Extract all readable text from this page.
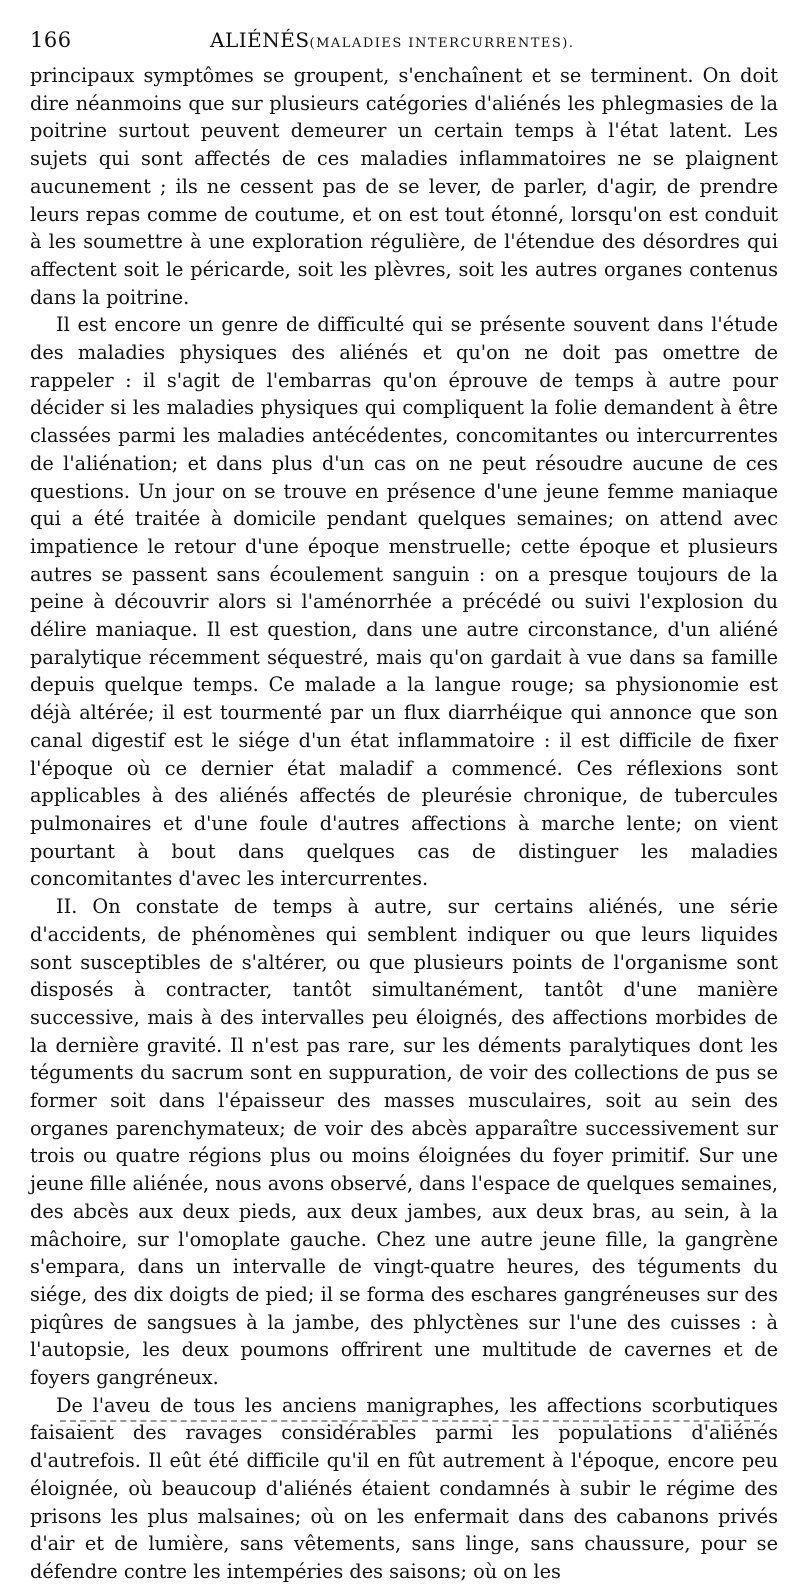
166	ALIÉNÉS (MALADIES INTERCURRENTES).

principaux symptômes se groupent, s'enchaînent et se terminent. On doit dire néanmoins que sur plusieurs catégories d'aliénés les phlegmasies de la poitrine surtout peuvent demeurer un certain temps à l'état latent. Les sujets qui sont affectés de ces maladies inflammatoires ne se plaignent aucunement ; ils ne cessent pas de se lever, de parler, d'agir, de prendre leurs repas comme de coutume, et on est tout étonné, lorsqu'on est conduit à les soumettre à une exploration régulière, de l'étendue des désordres qui affectent soit le péricarde, soit les plèvres, soit les autres organes contenus dans la poitrine.

Il est encore un genre de difficulté qui se présente souvent dans l'étude des maladies physiques des aliénés et qu'on ne doit pas omettre de rappeler : il s'agit de l'embarras qu'on éprouve de temps à autre pour décider si les maladies physiques qui compliquent la folie demandent à être classées parmi les maladies antécédentes, concomitantes ou intercurrentes de l'aliénation; et dans plus d'un cas on ne peut résoudre aucune de ces questions. Un jour on se trouve en présence d'une jeune femme maniaque qui a été traitée à domicile pendant quelques semaines; on attend avec impatience le retour d'une époque menstruelle; cette époque et plusieurs autres se passent sans écoulement sanguin : on a presque toujours de la peine à découvrir alors si l'aménorrhée a précédé ou suivi l'explosion du délire maniaque. Il est question, dans une autre circonstance, d'un aliéné paralytique récemment séquestré, mais qu'on gardait à vue dans sa famille depuis quelque temps. Ce malade a la langue rouge; sa physionomie est déjà altérée; il est tourmenté par un flux diarrhéique qui annonce que son canal digestif est le siége d'un état inflammatoire : il est difficile de fixer l'époque où ce dernier état maladif a commencé. Ces réflexions sont applicables à des aliénés affectés de pleurésie chronique, de tubercules pulmonaires et d'une foule d'autres affections à marche lente; on vient pourtant à bout dans quelques cas de distinguer les maladies concomitantes d'avec les intercurrentes.

II. On constate de temps à autre, sur certains aliénés, une série d'accidents, de phénomènes qui semblent indiquer ou que leurs liquides sont susceptibles de s'altérer, ou que plusieurs points de l'organisme sont disposés à contracter, tantôt simultanément, tantôt d'une manière successive, mais à des intervalles peu éloignés, des affections morbides de la dernière gravité. Il n'est pas rare, sur les déments paralytiques dont les téguments du sacrum sont en suppuration, de voir des collections de pus se former soit dans l'épaisseur des masses musculaires, soit au sein des organes parenchymateux; de voir des abcès apparaître successivement sur trois ou quatre régions plus ou moins éloignées du foyer primitif. Sur une jeune fille aliénée, nous avons observé, dans l'espace de quelques semaines, des abcès aux deux pieds, aux deux jambes, aux deux bras, au sein, à la mâchoire, sur l'omoplate gauche. Chez une autre jeune fille, la gangrène s'empara, dans un intervalle de vingt-quatre heures, des téguments du siége, des dix doigts de pied; il se forma des eschares gangréneuses sur des piqûres de sangsues à la jambe, des phlyctènes sur l'une des cuisses : à l'autopsie, les deux poumons offrirent une multitude de cavernes et de foyers gangréneux.

De l'aveu de tous les anciens manigraphes, les affections scorbutiques faisaient des ravages considérables parmi les populations d'aliénés d'autrefois. Il eût été difficile qu'il en fût autrement à l'époque, encore peu éloignée, où beaucoup d'aliénés étaient condamnés à subir le régime des prisons les plus malsaines; où on les enfermait dans des cabanons privés d'air et de lumière, sans vêtements, sans linge, sans chaussure, pour se défendre contre les intempéries des saisons; où on les
